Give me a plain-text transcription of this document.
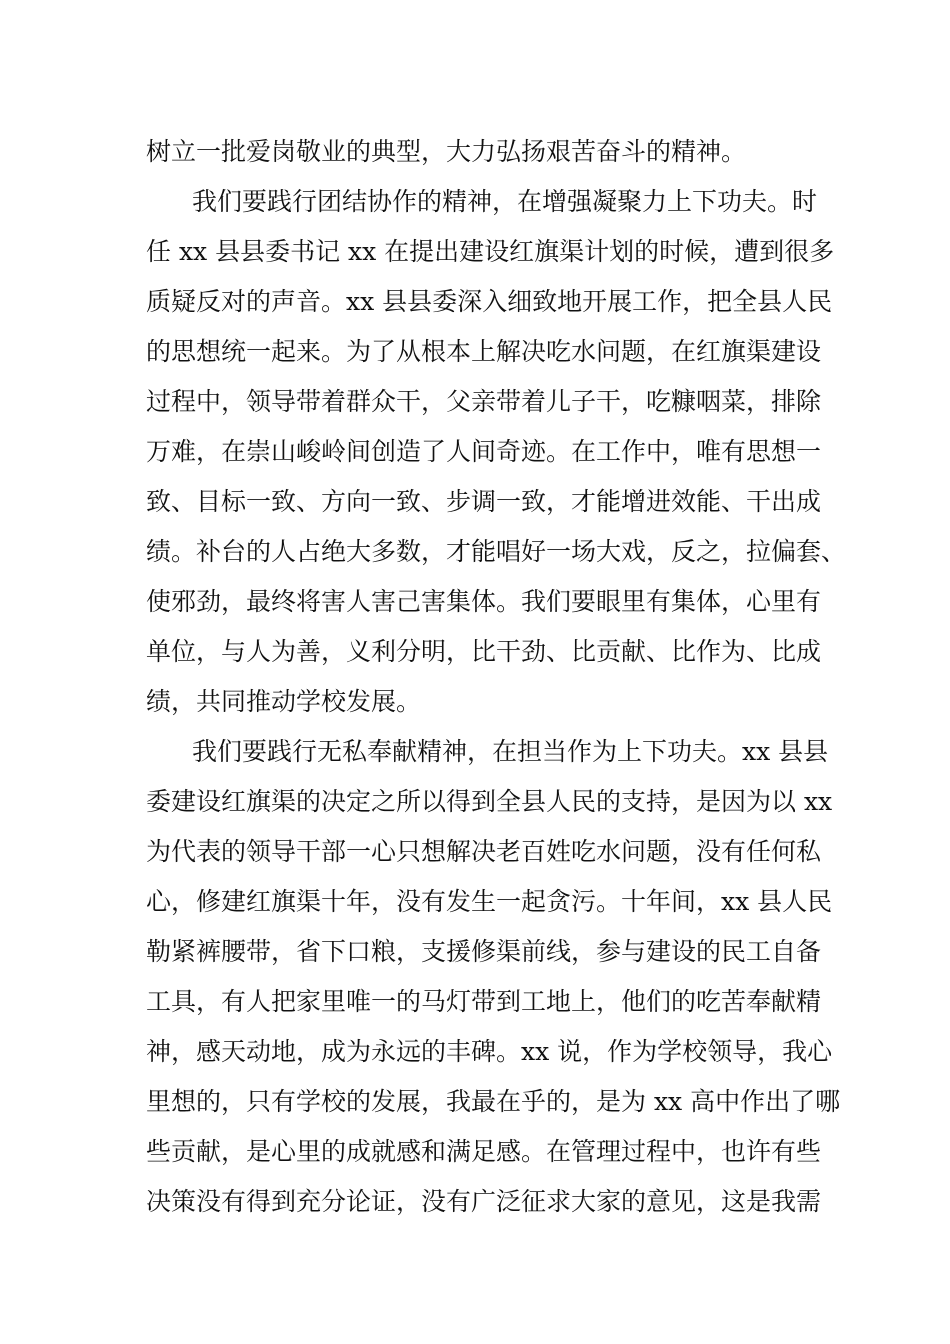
树立一批爱岗敬业的典型，大力弘扬艰苦奋斗的精神。
我们要践行团结协作的精神，在增强凝聚力上下功夫。时
任 xx 县县委书记 xx 在提出建设红旗渠计划的时候，遭到很多
质疑反对的声音。xx 县县委深入细致地开展工作，把全县人民
的思想统一起来。为了从根本上解决吃水问题，在红旗渠建设
过程中，领导带着群众干，父亲带着儿子干，吃糠咽菜，排除
万难，在崇山峻岭间创造了人间奇迹。在工作中，唯有思想一
致、目标一致、方向一致、步调一致，才能增进效能、干出成
绩。补台的人占绝大多数，才能唱好一场大戏，反之，拉偏套、
使邪劲，最终将害人害己害集体。我们要眼里有集体，心里有
单位，与人为善，义利分明，比干劲、比贡献、比作为、比成
绩，共同推动学校发展。
我们要践行无私奉献精神，在担当作为上下功夫。xx 县县
委建设红旗渠的决定之所以得到全县人民的支持，是因为以 xx
为代表的领导干部一心只想解决老百姓吃水问题，没有任何私
心，修建红旗渠十年，没有发生一起贪污。十年间，xx 县人民
勒紧裤腰带，省下口粮，支援修渠前线，参与建设的民工自备
工具，有人把家里唯一的马灯带到工地上，他们的吃苦奉献精
神，感天动地，成为永远的丰碑。xx 说，作为学校领导，我心
里想的，只有学校的发展，我最在乎的，是为 xx 高中作出了哪
些贡献，是心里的成就感和满足感。在管理过程中，也许有些
决策没有得到充分论证，没有广泛征求大家的意见，这是我需
